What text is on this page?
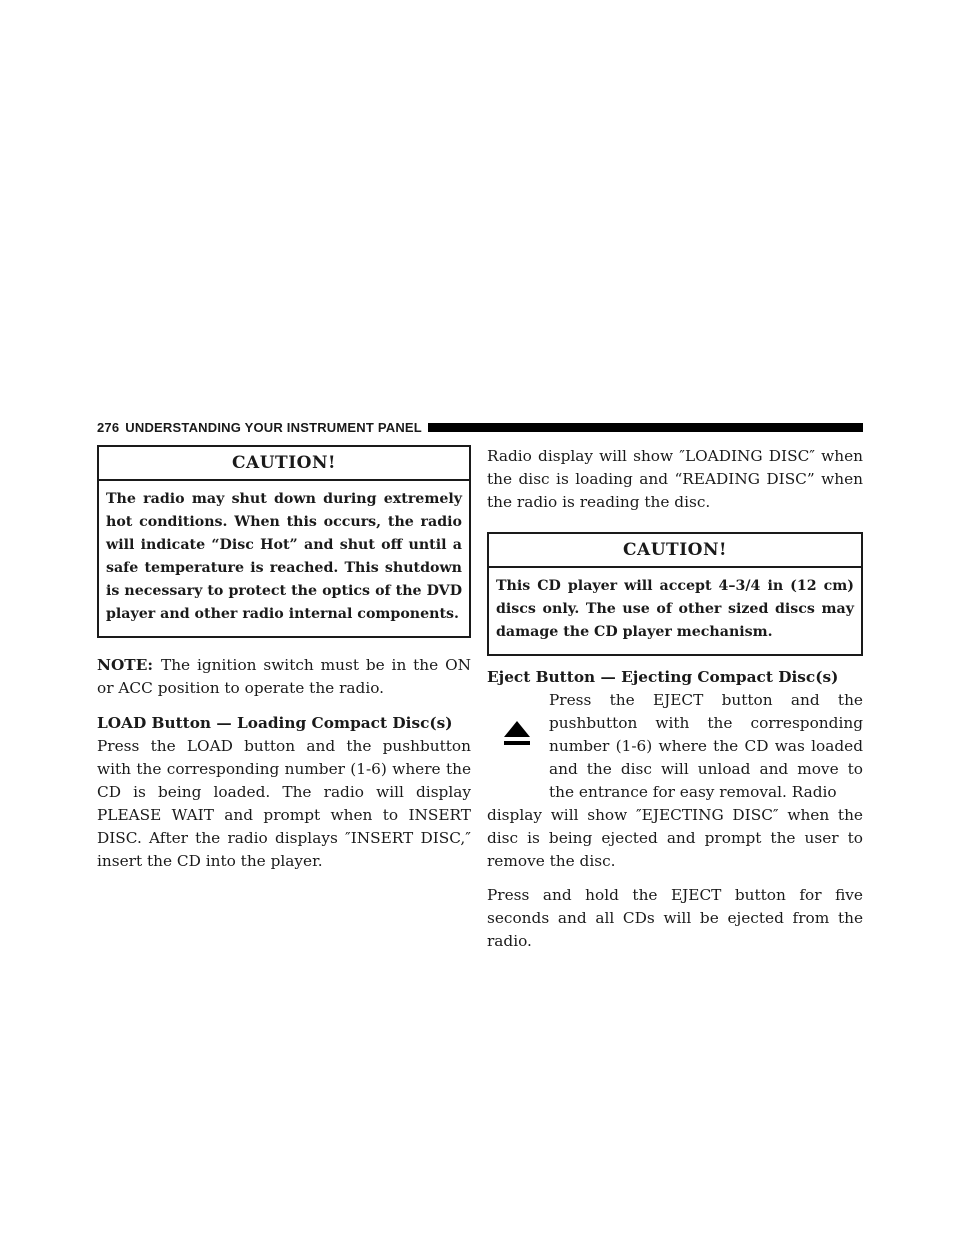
276 UNDERSTANDING YOUR INSTRUMENT PANEL
CAUTION!
The radio may shut down during extremely hot conditions. When this occurs, the radio will indicate “Disc Hot” and shut off until a safe temperature is reached. This shutdown is necessary to protect the optics of the DVD player and other radio internal components.

NOTE: The ignition switch must be in the ON or ACC position to operate the radio.

LOAD Button — Loading Compact Disc(s)

Press the LOAD button and the pushbutton with the corresponding number (1-6) where the CD is being loaded. The radio will display PLEASE WAIT and prompt when to INSERT DISC. After the radio displays ″INSERT DISC,″ insert the CD into the player.

Radio display will show ″LOADING DISC″ when the disc is loading and “READING DISC” when the radio is reading the disc.

CAUTION!
This CD player will accept 4–3/4 in (12 cm) discs only. The use of other sized discs may damage the CD player mechanism.
Eject Button — Ejecting Compact Disc(s)

Press the EJECT button and the pushbutton with the corresponding number (1-6) where the CD was loaded and the disc will unload and move to the entrance for easy removal. Radio

display will show ″EJECTING DISC″ when the disc is being ejected and prompt the user to remove the disc.

Press and hold the EJECT button for five seconds and all CDs will be ejected from the radio.
